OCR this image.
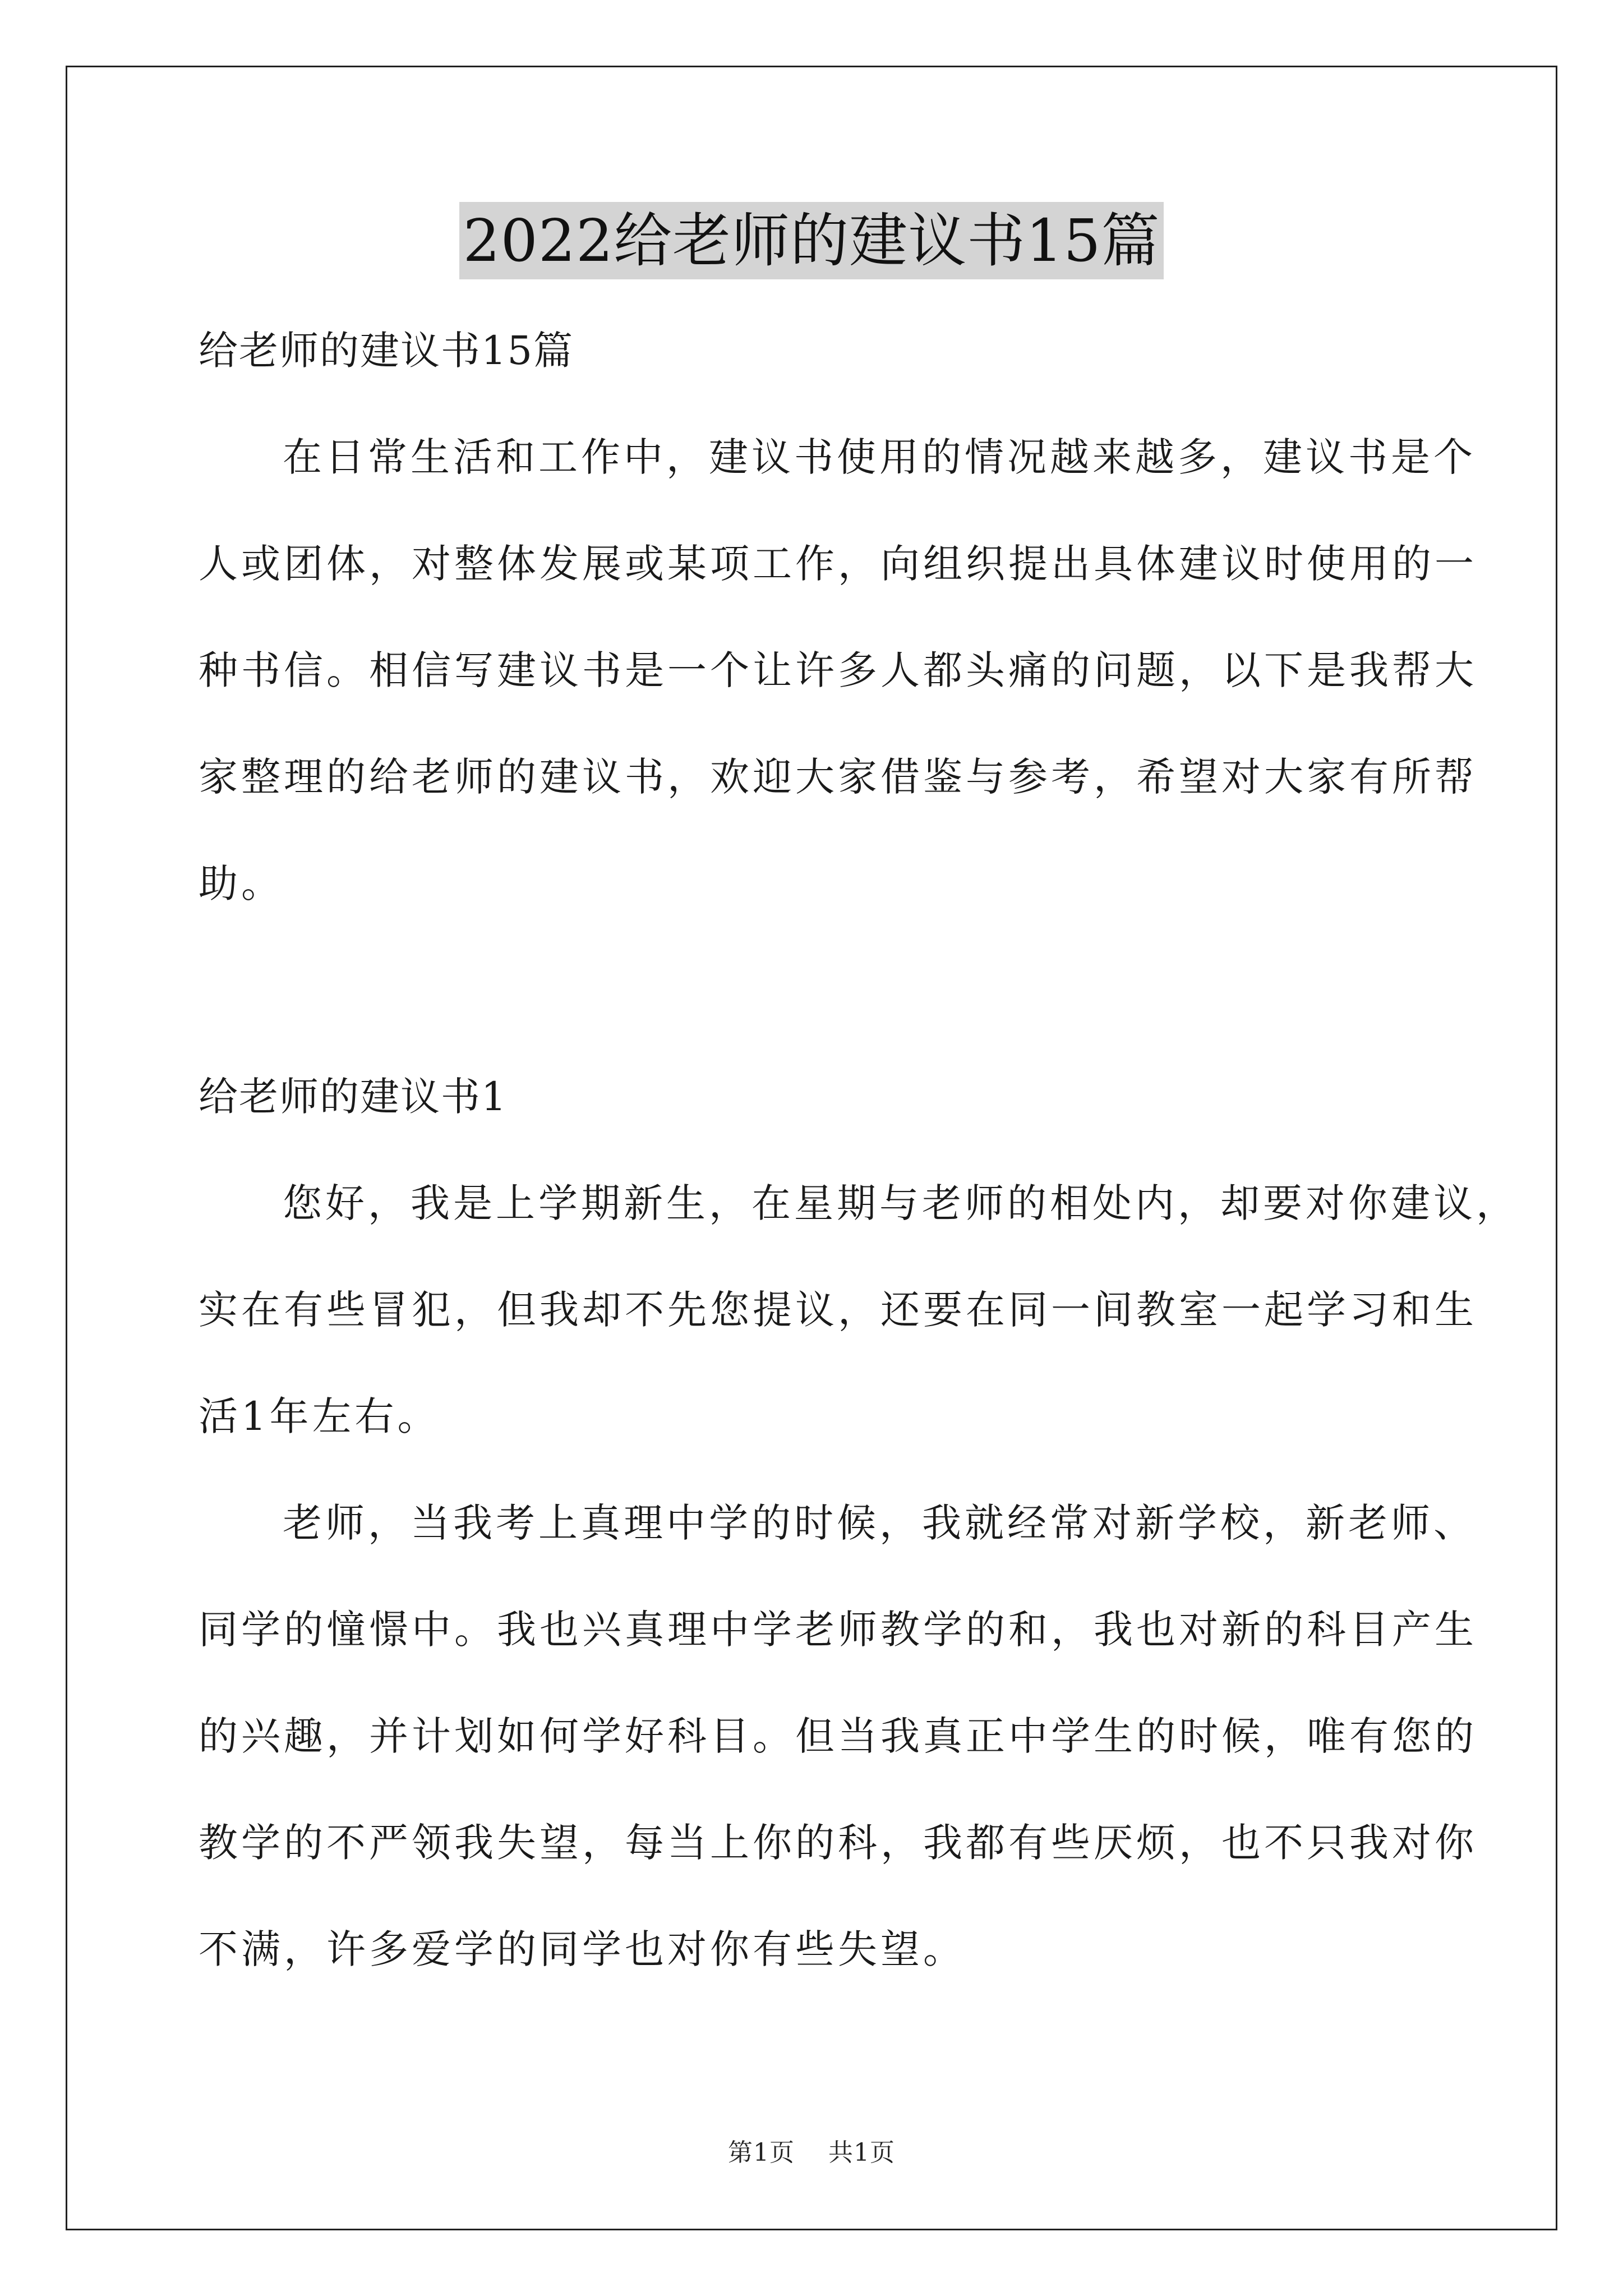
2022给老师的建议书15篇
给老师的建议书15篇
在日常生活和工作中，建议书使用的情况越来越多，建议书是个
人或团体，对整体发展或某项工作，向组织提出具体建议时使用的一
种书信。相信写建议书是一个让许多人都头痛的问题，以下是我帮大
家整理的给老师的建议书，欢迎大家借鉴与参考，希望对大家有所帮
助。
给老师的建议书1
您好，我是上学期新生，在星期与老师的相处内，却要对你建议，
实在有些冒犯，但我却不先您提议，还要在同一间教室一起学习和生
活1年左右。
老师，当我考上真理中学的时候，我就经常对新学校，新老师、
同学的憧憬中。我也兴真理中学老师教学的和，我也对新的科目产生
的兴趣，并计划如何学好科目。但当我真正中学生的时候，唯有您的
教学的不严领我失望，每当上你的科，我都有些厌烦，也不只我对你
不满，许多爱学的同学也对你有些失望。
第1页 共1页
